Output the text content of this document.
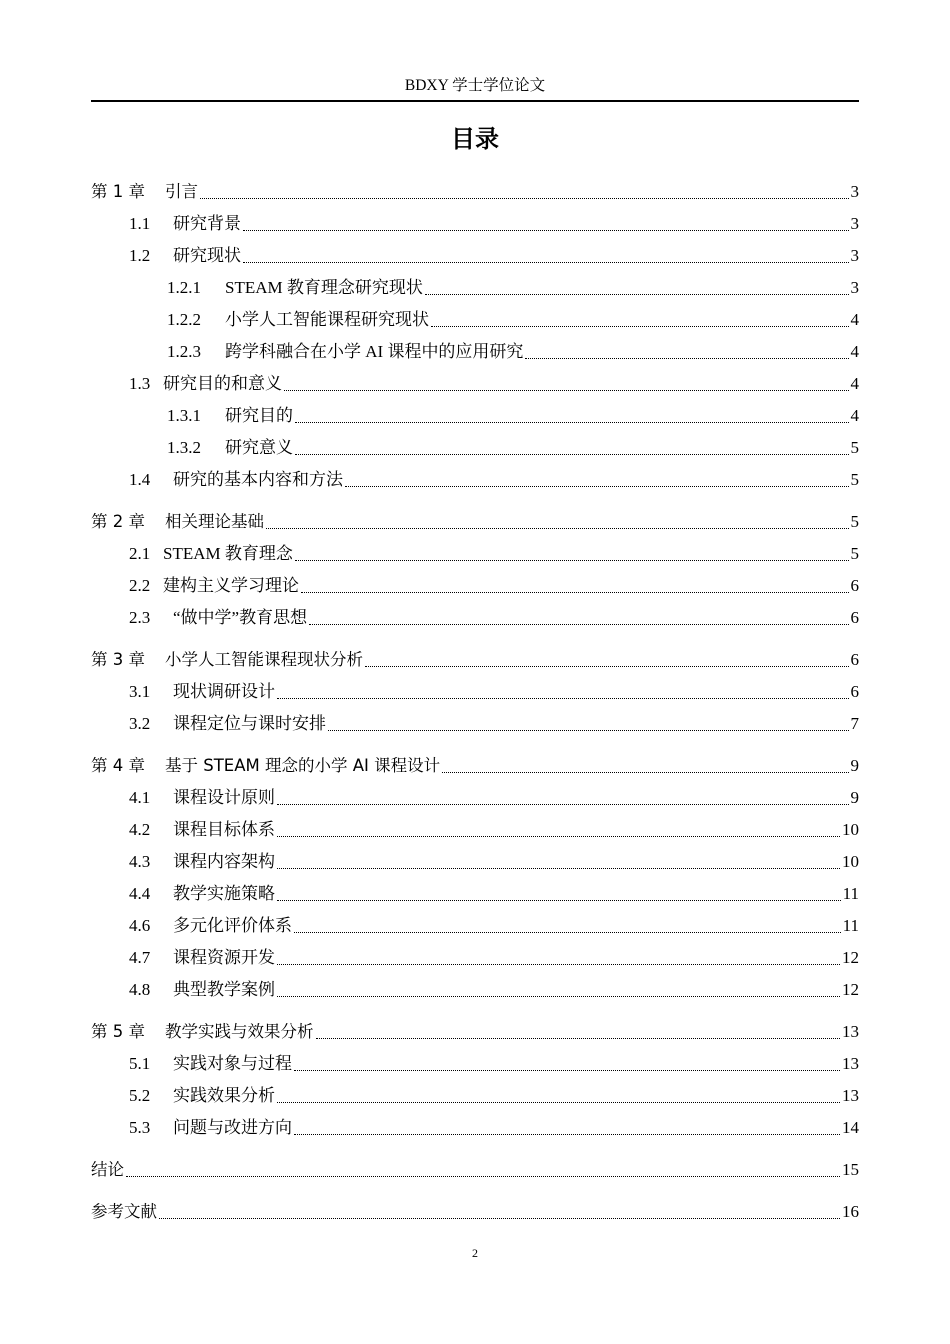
BDXY 学士学位论文
目录
第 1 章	引言	3
1.1	研究背景	3
1.2	研究现状	3
1.2.1	STEAM 教育理念研究现状	3
1.2.2	小学人工智能课程研究现状	4
1.2.3	跨学科融合在小学 AI 课程中的应用研究	4
1.3 研究目的和意义	4
1.3.1	研究目的	4
1.3.2	研究意义	5
1.4	研究的基本内容和方法	5
第 2 章	相关理论基础	5
2.1 STEAM 教育理念	5
2.2 建构主义学习理论	6
2.3	“做中学”教育思想	6
第 3 章	小学人工智能课程现状分析	6
3.1	现状调研设计	6
3.2	课程定位与课时安排	7
第 4 章	基于 STEAM 理念的小学 AI 课程设计	9
4.1	课程设计原则	9
4.2	课程目标体系	10
4.3	课程内容架构	10
4.4	教学实施策略	11
4.6	多元化评价体系	11
4.7	课程资源开发	12
4.8	典型教学案例	12
第 5 章	教学实践与效果分析	13
5.1	实践对象与过程	13
5.2	实践效果分析	13
5.3	问题与改进方向	14
结论	15
参考文献	16
2
